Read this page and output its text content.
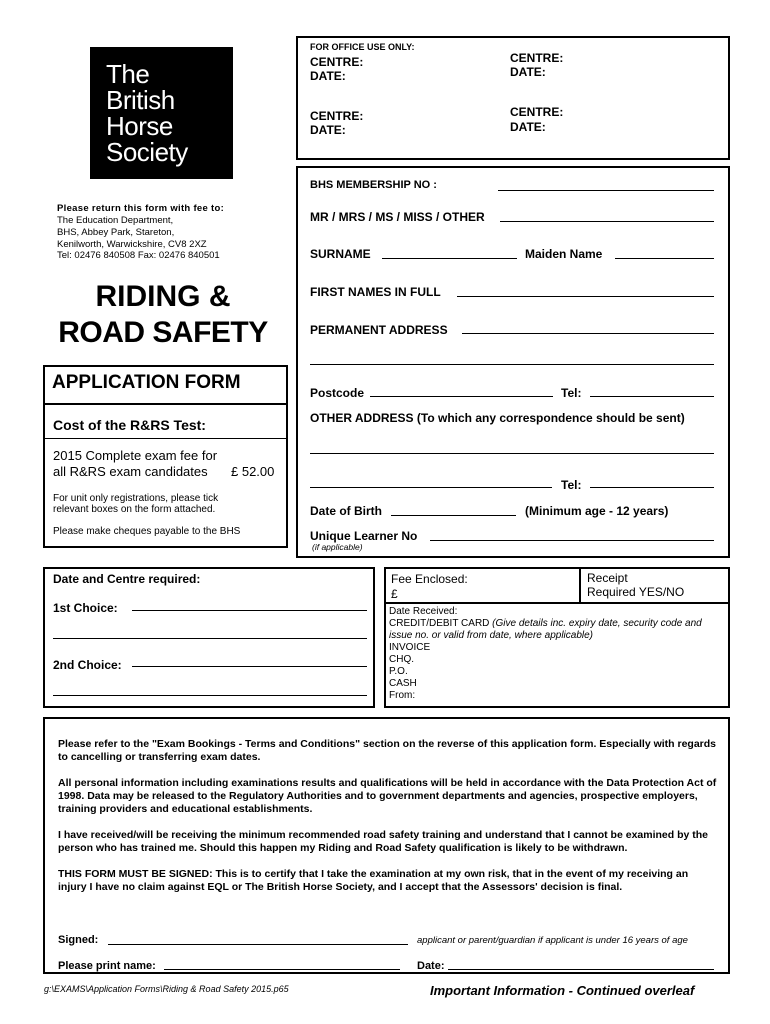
The
British
Horse
Society
FOR OFFICE USE ONLY:
CENTRE:
DATE:
CENTRE:
DATE:
CENTRE:
DATE:
CENTRE:
DATE:
Please return this form with fee to:
The Education Department,
BHS, Abbey Park, Stareton,
Kenilworth, Warwickshire, CV8 2XZ
Tel: 02476 840508 Fax: 02476 840501
RIDING &
ROAD SAFETY
APPLICATION FORM
Cost of the R&RS Test:
2015 Complete exam fee for
all R&RS exam candidates £ 52.00
For unit only registrations, please tick
relevant boxes on the form attached.
Please make cheques payable to the BHS
BHS MEMBERSHIP NO :
MR / MRS / MS / MISS / OTHER
SURNAME	Maiden Name
FIRST NAMES IN FULL
PERMANENT ADDRESS
Postcode	Tel:
OTHER ADDRESS (To which any correspondence should be sent)
Tel:
Date of Birth	(Minimum age - 12 years)
Unique Learner No
(if applicable)
Date and Centre required:
1st Choice:
2nd Choice:
Fee Enclosed:
£
Receipt
Required YES/NO
Date Received:
CREDIT/DEBIT CARD (Give details inc. expiry date, security code and
issue no. or valid from date, where applicable)
INVOICE
CHQ.
P.O.
CASH
From:
Please refer to the "Exam Bookings - Terms and Conditions" section on the reverse of this application form. Especially with regards to cancelling or transferring exam dates.
All personal information including examinations results and qualifications will be held in accordance with the Data Protection Act of 1998. Data may be released to the Regulatory Authorities and to government departments and agencies, prospective employers, training providers and educational establishments.
I have received/will be receiving the minimum recommended road safety training and understand that I cannot be examined by the person who has trained me. Should this happen my Riding and Road Safety qualification is likely to be withdrawn.
THIS FORM MUST BE SIGNED: This is to certify that I take the examination at my own risk, that in the event of my receiving an injury I have no claim against EQL or The British Horse Society, and I accept that the Assessors' decision is final.
Signed:	applicant or parent/guardian if applicant is under 16 years of age
Please print name:	Date:
g:\EXAMS\Application Forms\Riding & Road Safety 2015.p65	Important Information - Continued overleaf
